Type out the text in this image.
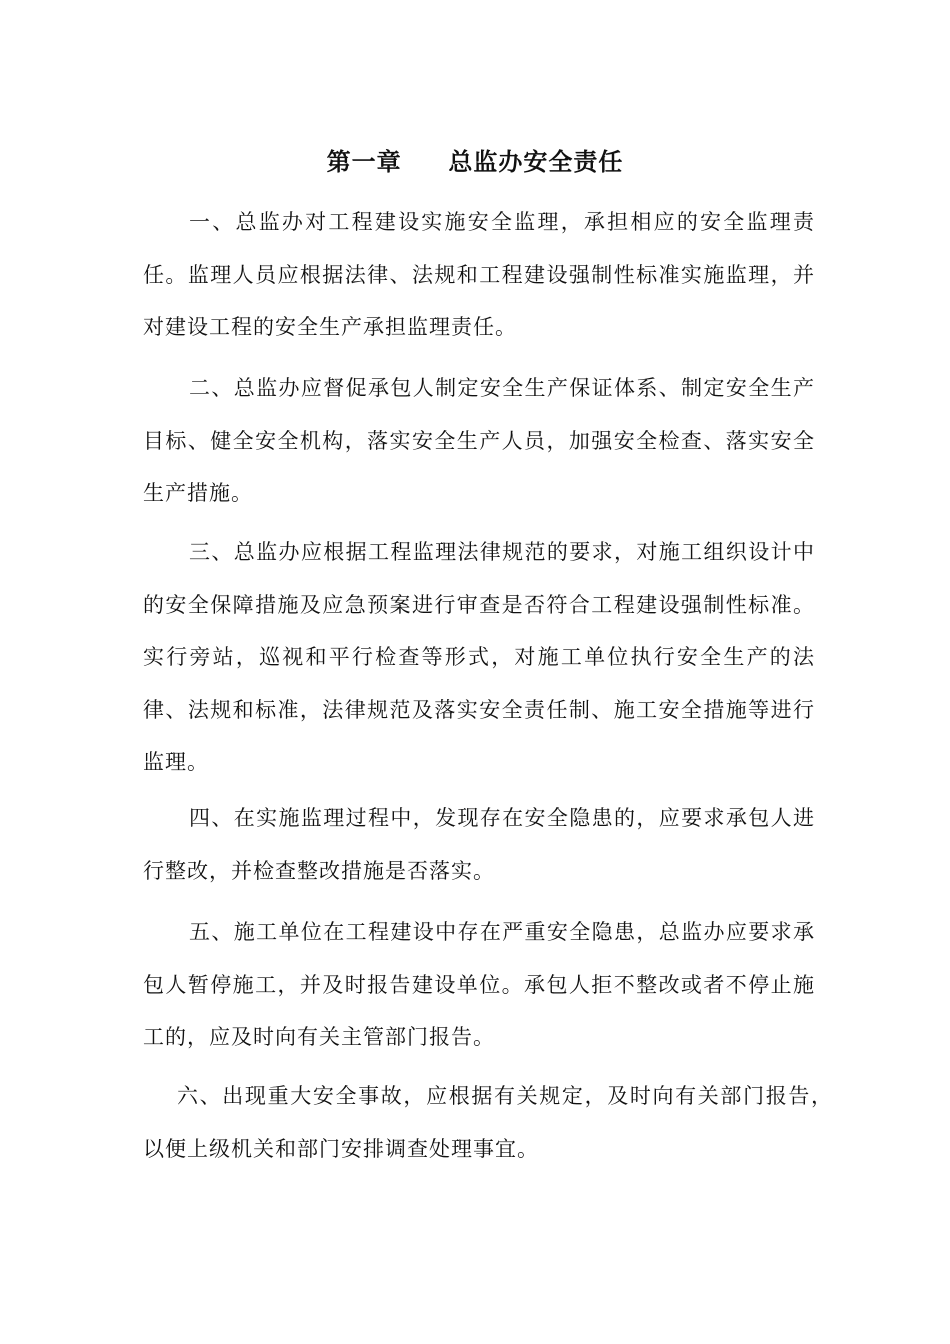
第一章     总监办安全责任

一、总监办对工程建设实施安全监理，承担相应的安全监理责任。监理人员应根据法律、法规和工程建设强制性标准实施监理，并对建设工程的安全生产承担监理责任。

二、总监办应督促承包人制定安全生产保证体系、制定安全生产目标、健全安全机构，落实安全生产人员，加强安全检查、落实安全生产措施。

三、总监办应根据工程监理法律规范的要求，对施工组织设计中的安全保障措施及应急预案进行审查是否符合工程建设强制性标准。实行旁站，巡视和平行检查等形式，对施工单位执行安全生产的法律、法规和标准，法律规范及落实安全责任制、施工安全措施等进行监理。

四、在实施监理过程中，发现存在安全隐患的，应要求承包人进行整改，并检查整改措施是否落实。

五、施工单位在工程建设中存在严重安全隐患，总监办应要求承包人暂停施工，并及时报告建设单位。承包人拒不整改或者不停止施工的，应及时向有关主管部门报告。

六、出现重大安全事故，应根据有关规定，及时向有关部门报告，以便上级机关和部门安排调查处理事宜。
